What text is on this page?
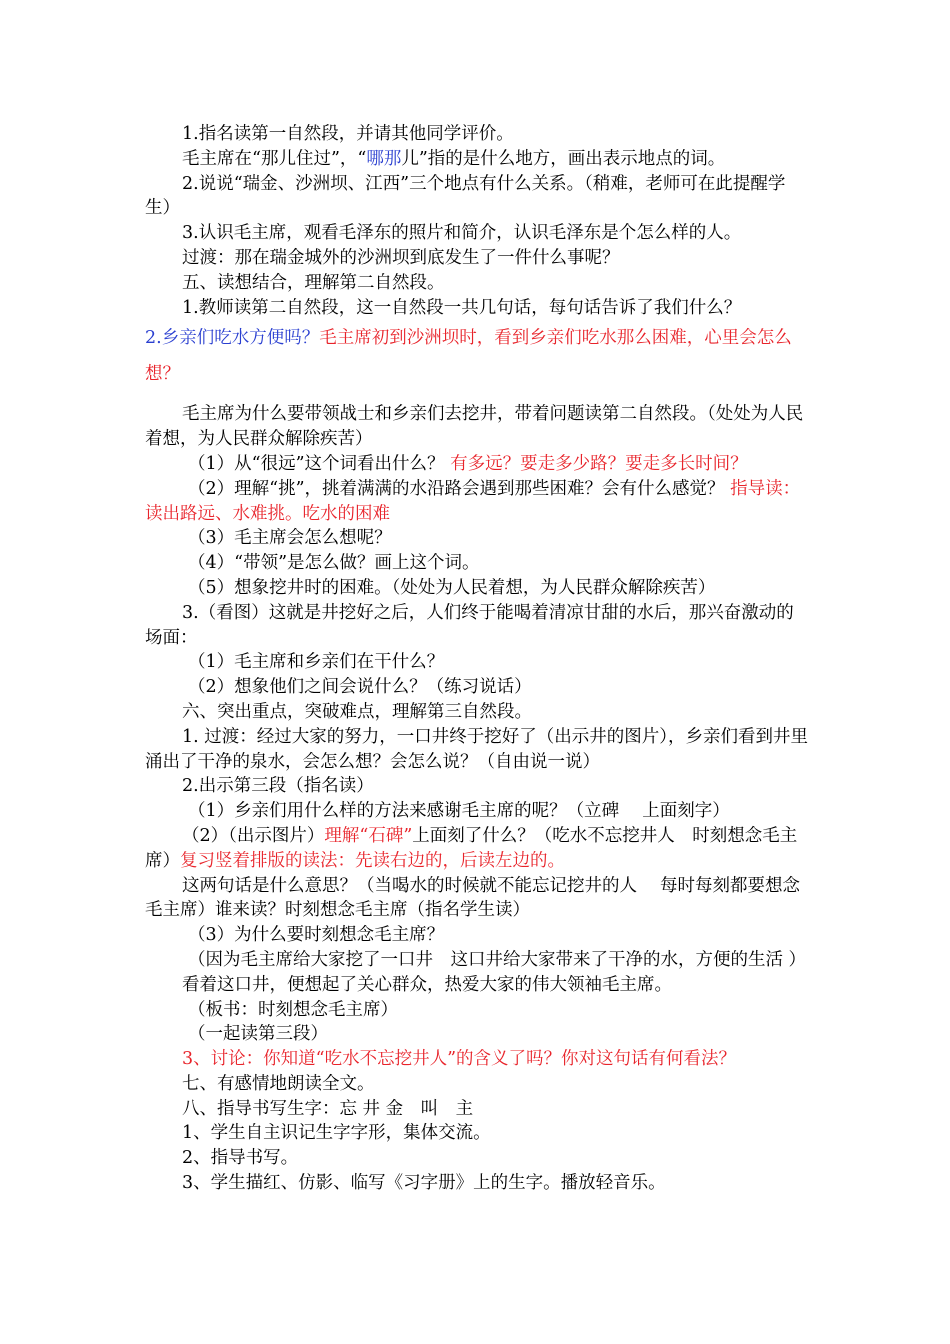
1.指名读第一自然段，并请其他同学评价。

毛主席在“那儿住过”，“哪那儿”指的是什么地方，画出表示地点的词。

2.说说“瑞金、沙洲坝、江西”三个地点有什么关系。（稍难，老师可在此提醒学生）

3.认识毛主席，观看毛泽东的照片和简介，认识毛泽东是个怎么样的人。

过渡：那在瑞金城外的沙洲坝到底发生了一件什么事呢？

五、读想结合，理解第二自然段。

1.教师读第二自然段，这一自然段一共几句话，每句话告诉了我们什么？

2.乡亲们吃水方便吗？毛主席初到沙洲坝时，看到乡亲们吃水那么困难，心里会怎么想？

毛主席为什么要带领战士和乡亲们去挖井，带着问题读第二自然段。（处处为人民着想，为人民群众解除疾苦）

（1）从“很远”这个词看出什么？ 有多远？要走多少路？要走多长时间？

（2）理解“挑”，挑着满满的水沿路会遇到那些困难？会有什么感觉？ 指导读：读出路远、水难挑。吃水的困难

（3）毛主席会怎么想呢？

（4）“带领”是怎么做？画上这个词。

（5）想象挖井时的困难。（处处为人民着想，为人民群众解除疾苦）

3.（看图）这就是井挖好之后，人们终于能喝着清凉甘甜的水后，那兴奋激动的场面：

（1）毛主席和乡亲们在干什么？

（2）想象他们之间会说什么？（练习说话）

六、突出重点，突破难点，理解第三自然段。

1. 过渡：经过大家的努力，一口井终于挖好了（出示井的图片），乡亲们看到井里涌出了干净的泉水，会怎么想？会怎么说？（自由说一说）

2.出示第三段（指名读）

（1）乡亲们用什么样的方法来感谢毛主席的呢？（立碑　 上面刻字）

（2）（出示图片）理解“石碑”上面刻了什么？（吃水不忘挖井人　时刻想念毛主席）复习竖着排版的读法：先读右边的，后读左边的。

这两句话是什么意思？（当喝水的时候就不能忘记挖井的人　 每时每刻都要想念毛主席）谁来读？时刻想念毛主席（指名学生读）

（3）为什么要时刻想念毛主席？

（因为毛主席给大家挖了一口井　这口井给大家带来了干净的水，方便的生活 ）

看着这口井，便想起了关心群众，热爱大家的伟大领袖毛主席。

（板书：时刻想念毛主席）

（一起读第三段）

3、讨论：你知道“吃水不忘挖井人”的含义了吗？你对这句话有何看法？

七、有感情地朗读全文。

八、指导书写生字：忘 井 金　叫　主

1、学生自主识记生字字形，集体交流。

2、指导书写。

3、学生描红、仿影、临写《习字册》上的生字。播放轻音乐。
